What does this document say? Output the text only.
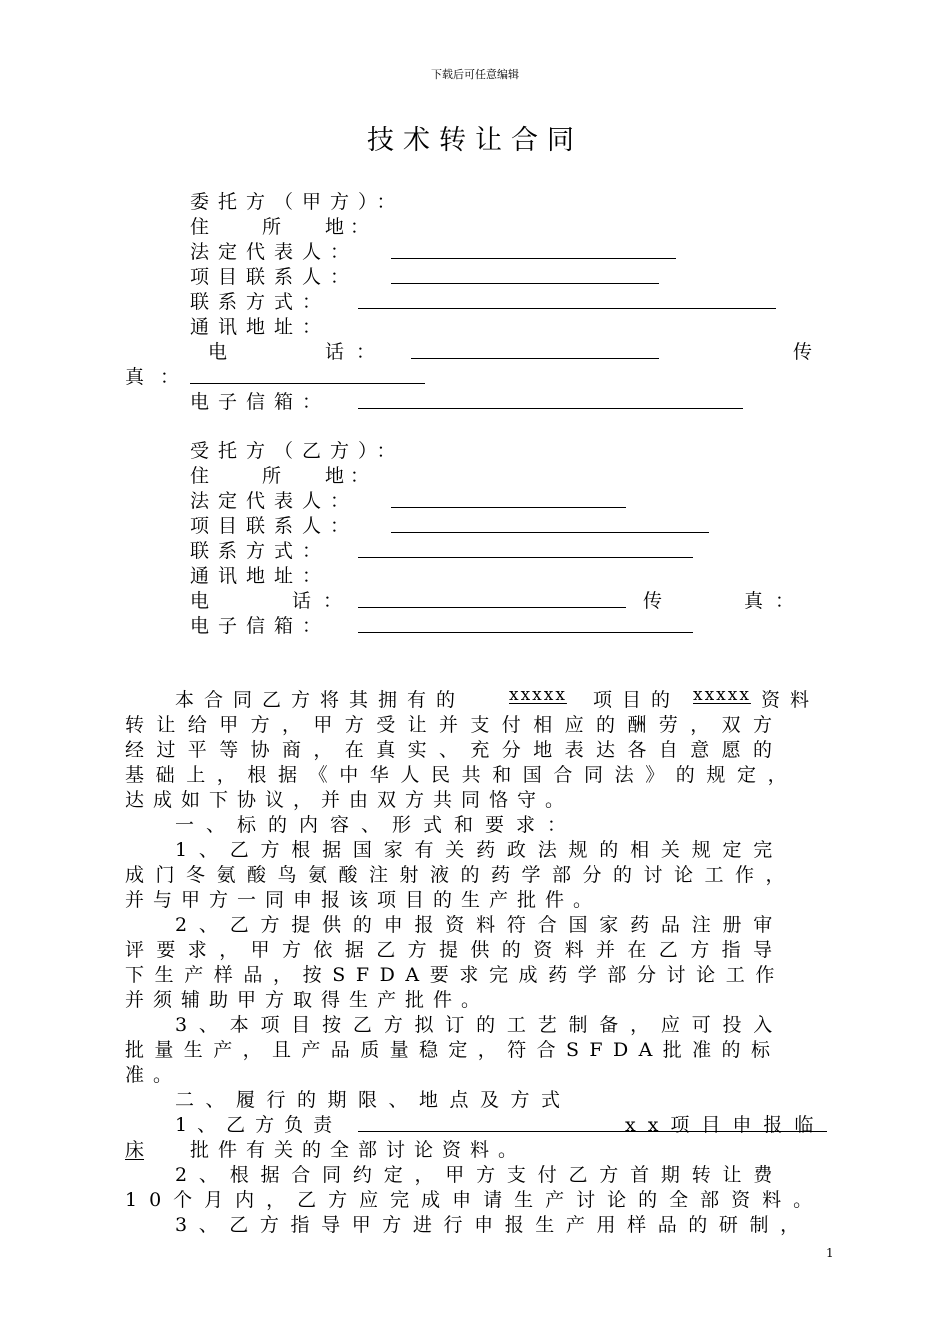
下载后可任意编辑
技术转让合同
委托方（甲方）：
住	所 地：
法定代表人：
项目联系人：
联系方式：
通讯地址：
电	话：	传
真：
电子信箱：
受托方（乙方）：
住	所 地：
法定代表人：
项目联系人：
联系方式：
通讯地址：
电	话：	传	真：
电子信箱：
本合同乙方将其拥有的	xxxxx 项目的 xxxxx 资料
转让给甲方，甲方受让并支付相应的酬劳，双方
经过平等协商，在真实、充分地表达各自意愿的
基础上，根据《中华人民共和国合同法》的规定，
达成如下协议，并由双方共同恪守。
一、标的内容、形式和要求：
1、乙方根据国家有关药政法规的相关规定完
成门冬氨酸鸟氨酸注射液的药学部分的讨论工作，
并与甲方一同申报该项目的生产批件。
2、乙方提供的申报资料符合国家药品注册审
评要求，甲方依据乙方提供的资料并在乙方指导
下生产样品，按SFDA要求完成药学部分讨论工作
并须辅助甲方取得生产批件。
3、本项目按乙方拟订的工艺制备，应可投入
批量生产，且产品质量稳定，符合SFDA批准的标
准。
二、履行的期限、地点及方式
1、乙方负责	xx项目申报临
床	批件有关的全部讨论资料。
2、根据合同约定，甲方支付乙方首期转让费
10个月内，乙方应完成申请生产讨论的全部资料。
3、乙方指导甲方进行申报生产用样品的研制，
1
